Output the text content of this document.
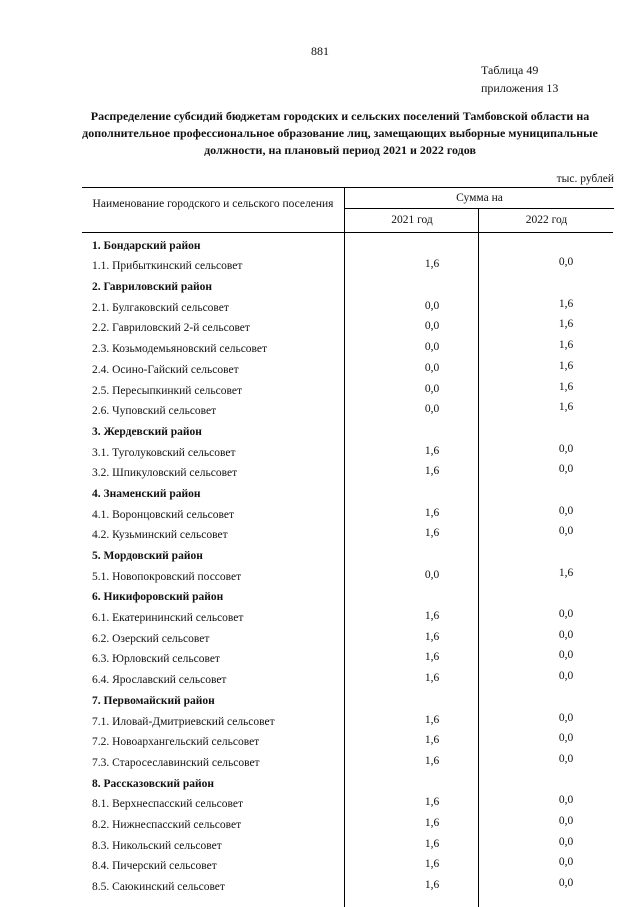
881
Таблица 49
приложения 13
Распределение субсидий бюджетам городских и сельских поселений Тамбовской области на дополнительное профессиональное образование лиц, замещающих выборные муниципальные должности, на плановый период 2021 и 2022 годов
тыс. рублей
Наименование городского и сельского поселения	Сумма на
2021 год	2022 год
1. Бондарский район
1.1. Прибыткинский сельсовет	1,6	0,0
2. Гавриловский район
2.1. Булгаковский сельсовет	0,0	1,6
2.2. Гавриловский 2-й сельсовет	0,0	1,6
2.3. Козьмодемьяновский сельсовет	0,0	1,6
2.4. Осино-Гайский сельсовет	0,0	1,6
2.5. Пересыпкинкий сельсовет	0,0	1,6
2.6. Чуповский сельсовет	0,0	1,6
3. Жердевский район
3.1. Туголуковский сельсовет	1,6	0,0
3.2. Шпикуловский сельсовет	1,6	0,0
4. Знаменский район
4.1. Воронцовский сельсовет	1,6	0,0
4.2. Кузьминский сельсовет	1,6	0,0
5. Мордовский район
5.1. Новопокровский поссовет	0,0	1,6
6. Никифоровский район
6.1. Екатерининский сельсовет	1,6	0,0
6.2. Озерский сельсовет	1,6	0,0
6.3. Юрловский сельсовет	1,6	0,0
6.4. Ярославский сельсовет	1,6	0,0
7. Первомайский район
7.1. Иловай-Дмитриевский сельсовет	1,6	0,0
7.2. Новоархангельский сельсовет	1,6	0,0
7.3. Старосеславинский сельсовет	1,6	0,0
8. Рассказовский район
8.1. Верхнеспасский сельсовет	1,6	0,0
8.2. Нижнеспасский сельсовет	1,6	0,0
8.3. Никольский сельсовет	1,6	0,0
8.4. Пичерский сельсовет	1,6	0,0
8.5. Саюкинский сельсовет	1,6	0,0
